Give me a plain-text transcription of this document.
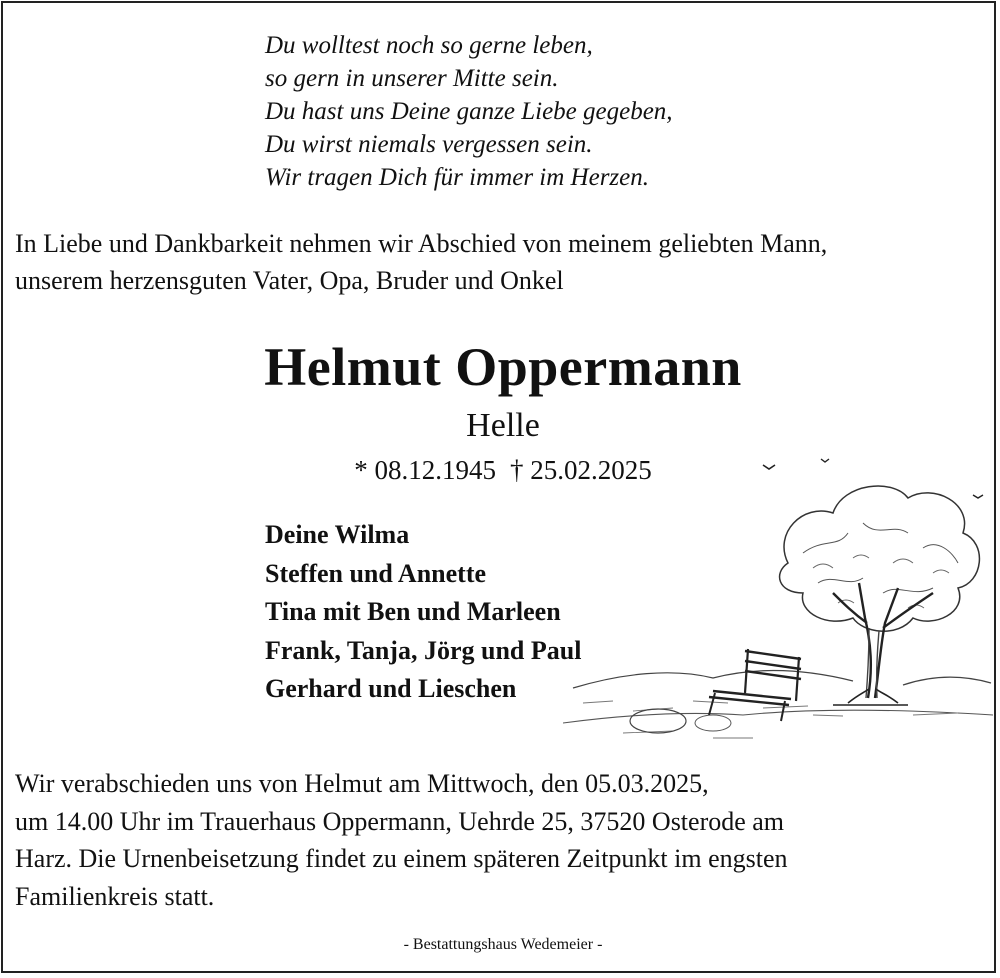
Du wolltest noch so gerne leben,
so gern in unserer Mitte sein.
Du hast uns Deine ganze Liebe gegeben,
Du wirst niemals vergessen sein.
Wir tragen Dich für immer im Herzen.
In Liebe und Dankbarkeit nehmen wir Abschied von meinem geliebten Mann,
unserem herzensguten Vater, Opa, Bruder und Onkel
Helmut Oppermann
Helle
* 08.12.1945 † 25.02.2025
Deine Wilma
Steffen und Annette
Tina mit Ben und Marleen
Frank, Tanja, Jörg und Paul
Gerhard und Lieschen
Wir verabschieden uns von Helmut am Mittwoch, den 05.03.2025,
um 14.00 Uhr im Trauerhaus Oppermann, Uehrde 25, 37520 Osterode am
Harz. Die Urnenbeisetzung findet zu einem späteren Zeitpunkt im engsten
Familienkreis statt.
- Bestattungshaus Wedemeier -
